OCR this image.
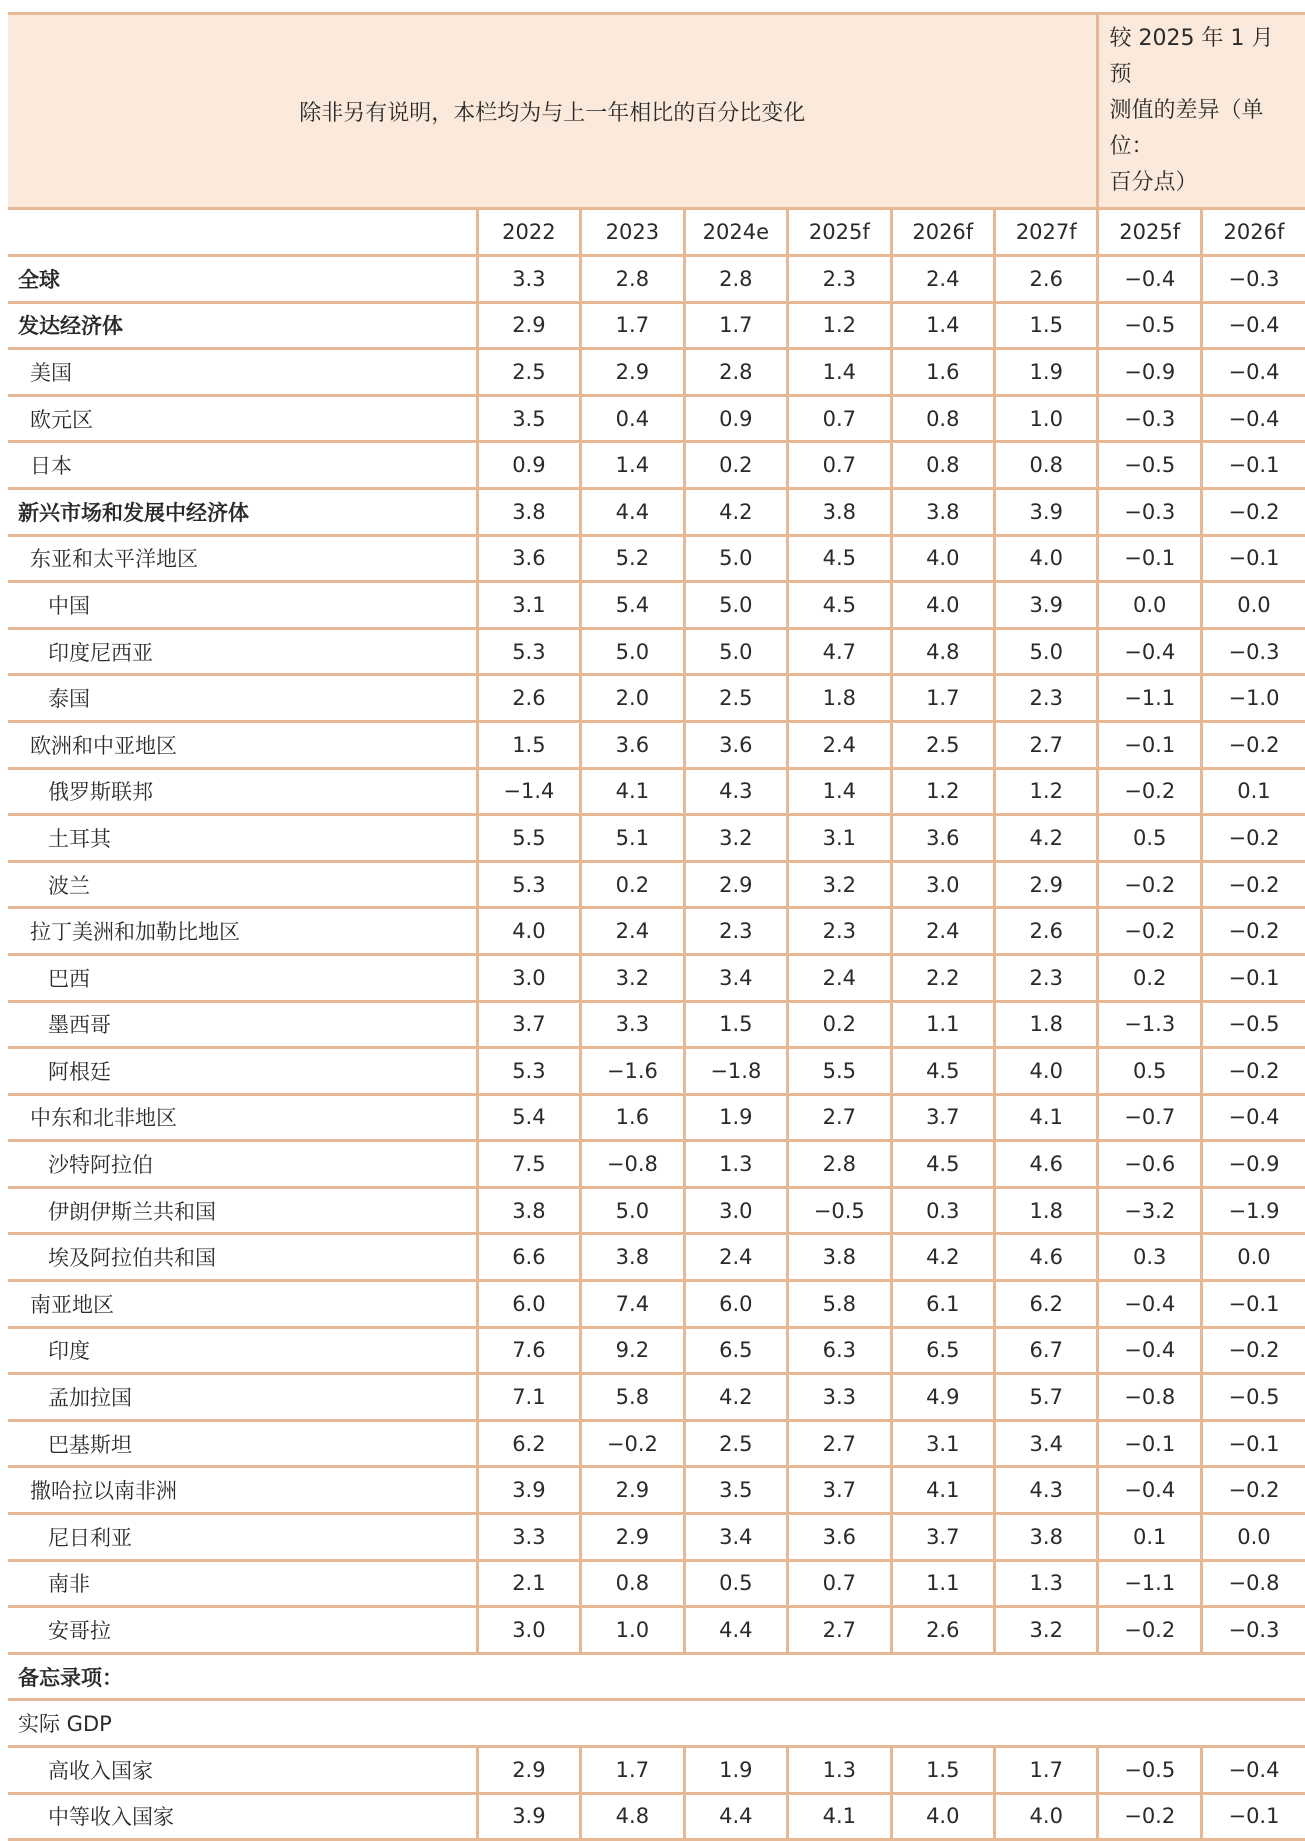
除非另有说明，本栏均为与上一年相比的百分比变化							较 2025 年 1 月预
测值的差异（单位：
百分点）	

	2022	2023	2024e	2025f	2026f	2027f	2025f	2026f
全球	3.3	2.8	2.8	2.3	2.4	2.6	−0.4	−0.3
发达经济体	2.9	1.7	1.7	1.2	1.4	1.5	−0.5	−0.4
美国	2.5	2.9	2.8	1.4	1.6	1.9	−0.9	−0.4
欧元区	3.5	0.4	0.9	0.7	0.8	1.0	−0.3	−0.4
日本	0.9	1.4	0.2	0.7	0.8	0.8	−0.5	−0.1
新兴市场和发展中经济体	3.8	4.4	4.2	3.8	3.8	3.9	−0.3	−0.2
东亚和太平洋地区	3.6	5.2	5.0	4.5	4.0	4.0	−0.1	−0.1
中国	3.1	5.4	5.0	4.5	4.0	3.9	0.0	0.0
印度尼西亚	5.3	5.0	5.0	4.7	4.8	5.0	−0.4	−0.3
泰国	2.6	2.0	2.5	1.8	1.7	2.3	−1.1	−1.0
欧洲和中亚地区	1.5	3.6	3.6	2.4	2.5	2.7	−0.1	−0.2
俄罗斯联邦	−1.4	4.1	4.3	1.4	1.2	1.2	−0.2	0.1
土耳其	5.5	5.1	3.2	3.1	3.6	4.2	0.5	−0.2
波兰	5.3	0.2	2.9	3.2	3.0	2.9	−0.2	−0.2
拉丁美洲和加勒比地区	4.0	2.4	2.3	2.3	2.4	2.6	−0.2	−0.2
巴西	3.0	3.2	3.4	2.4	2.2	2.3	0.2	−0.1
墨西哥	3.7	3.3	1.5	0.2	1.1	1.8	−1.3	−0.5
阿根廷	5.3	−1.6	−1.8	5.5	4.5	4.0	0.5	−0.2
中东和北非地区	5.4	1.6	1.9	2.7	3.7	4.1	−0.7	−0.4
沙特阿拉伯	7.5	−0.8	1.3	2.8	4.5	4.6	−0.6	−0.9
伊朗伊斯兰共和国	3.8	5.0	3.0	−0.5	0.3	1.8	−3.2	−1.9
埃及阿拉伯共和国	6.6	3.8	2.4	3.8	4.2	4.6	0.3	0.0
南亚地区	6.0	7.4	6.0	5.8	6.1	6.2	−0.4	−0.1
印度	7.6	9.2	6.5	6.3	6.5	6.7	−0.4	−0.2
孟加拉国	7.1	5.8	4.2	3.3	4.9	5.7	−0.8	−0.5
巴基斯坦	6.2	−0.2	2.5	2.7	3.1	3.4	−0.1	−0.1
撒哈拉以南非洲	3.9	2.9	3.5	3.7	4.1	4.3	−0.4	−0.2
尼日利亚	3.3	2.9	3.4	3.6	3.7	3.8	0.1	0.0
南非	2.1	0.8	0.5	0.7	1.1	1.3	−1.1	−0.8
安哥拉	3.0	1.0	4.4	2.7	2.6	3.2	−0.2	−0.3
备忘录项：								
实际 GDP								
高收入国家	2.9	1.7	1.9	1.3	1.5	1.7	−0.5	−0.4
中等收入国家	3.9	4.8	4.4	4.1	4.0	4.0	−0.2	−0.1
